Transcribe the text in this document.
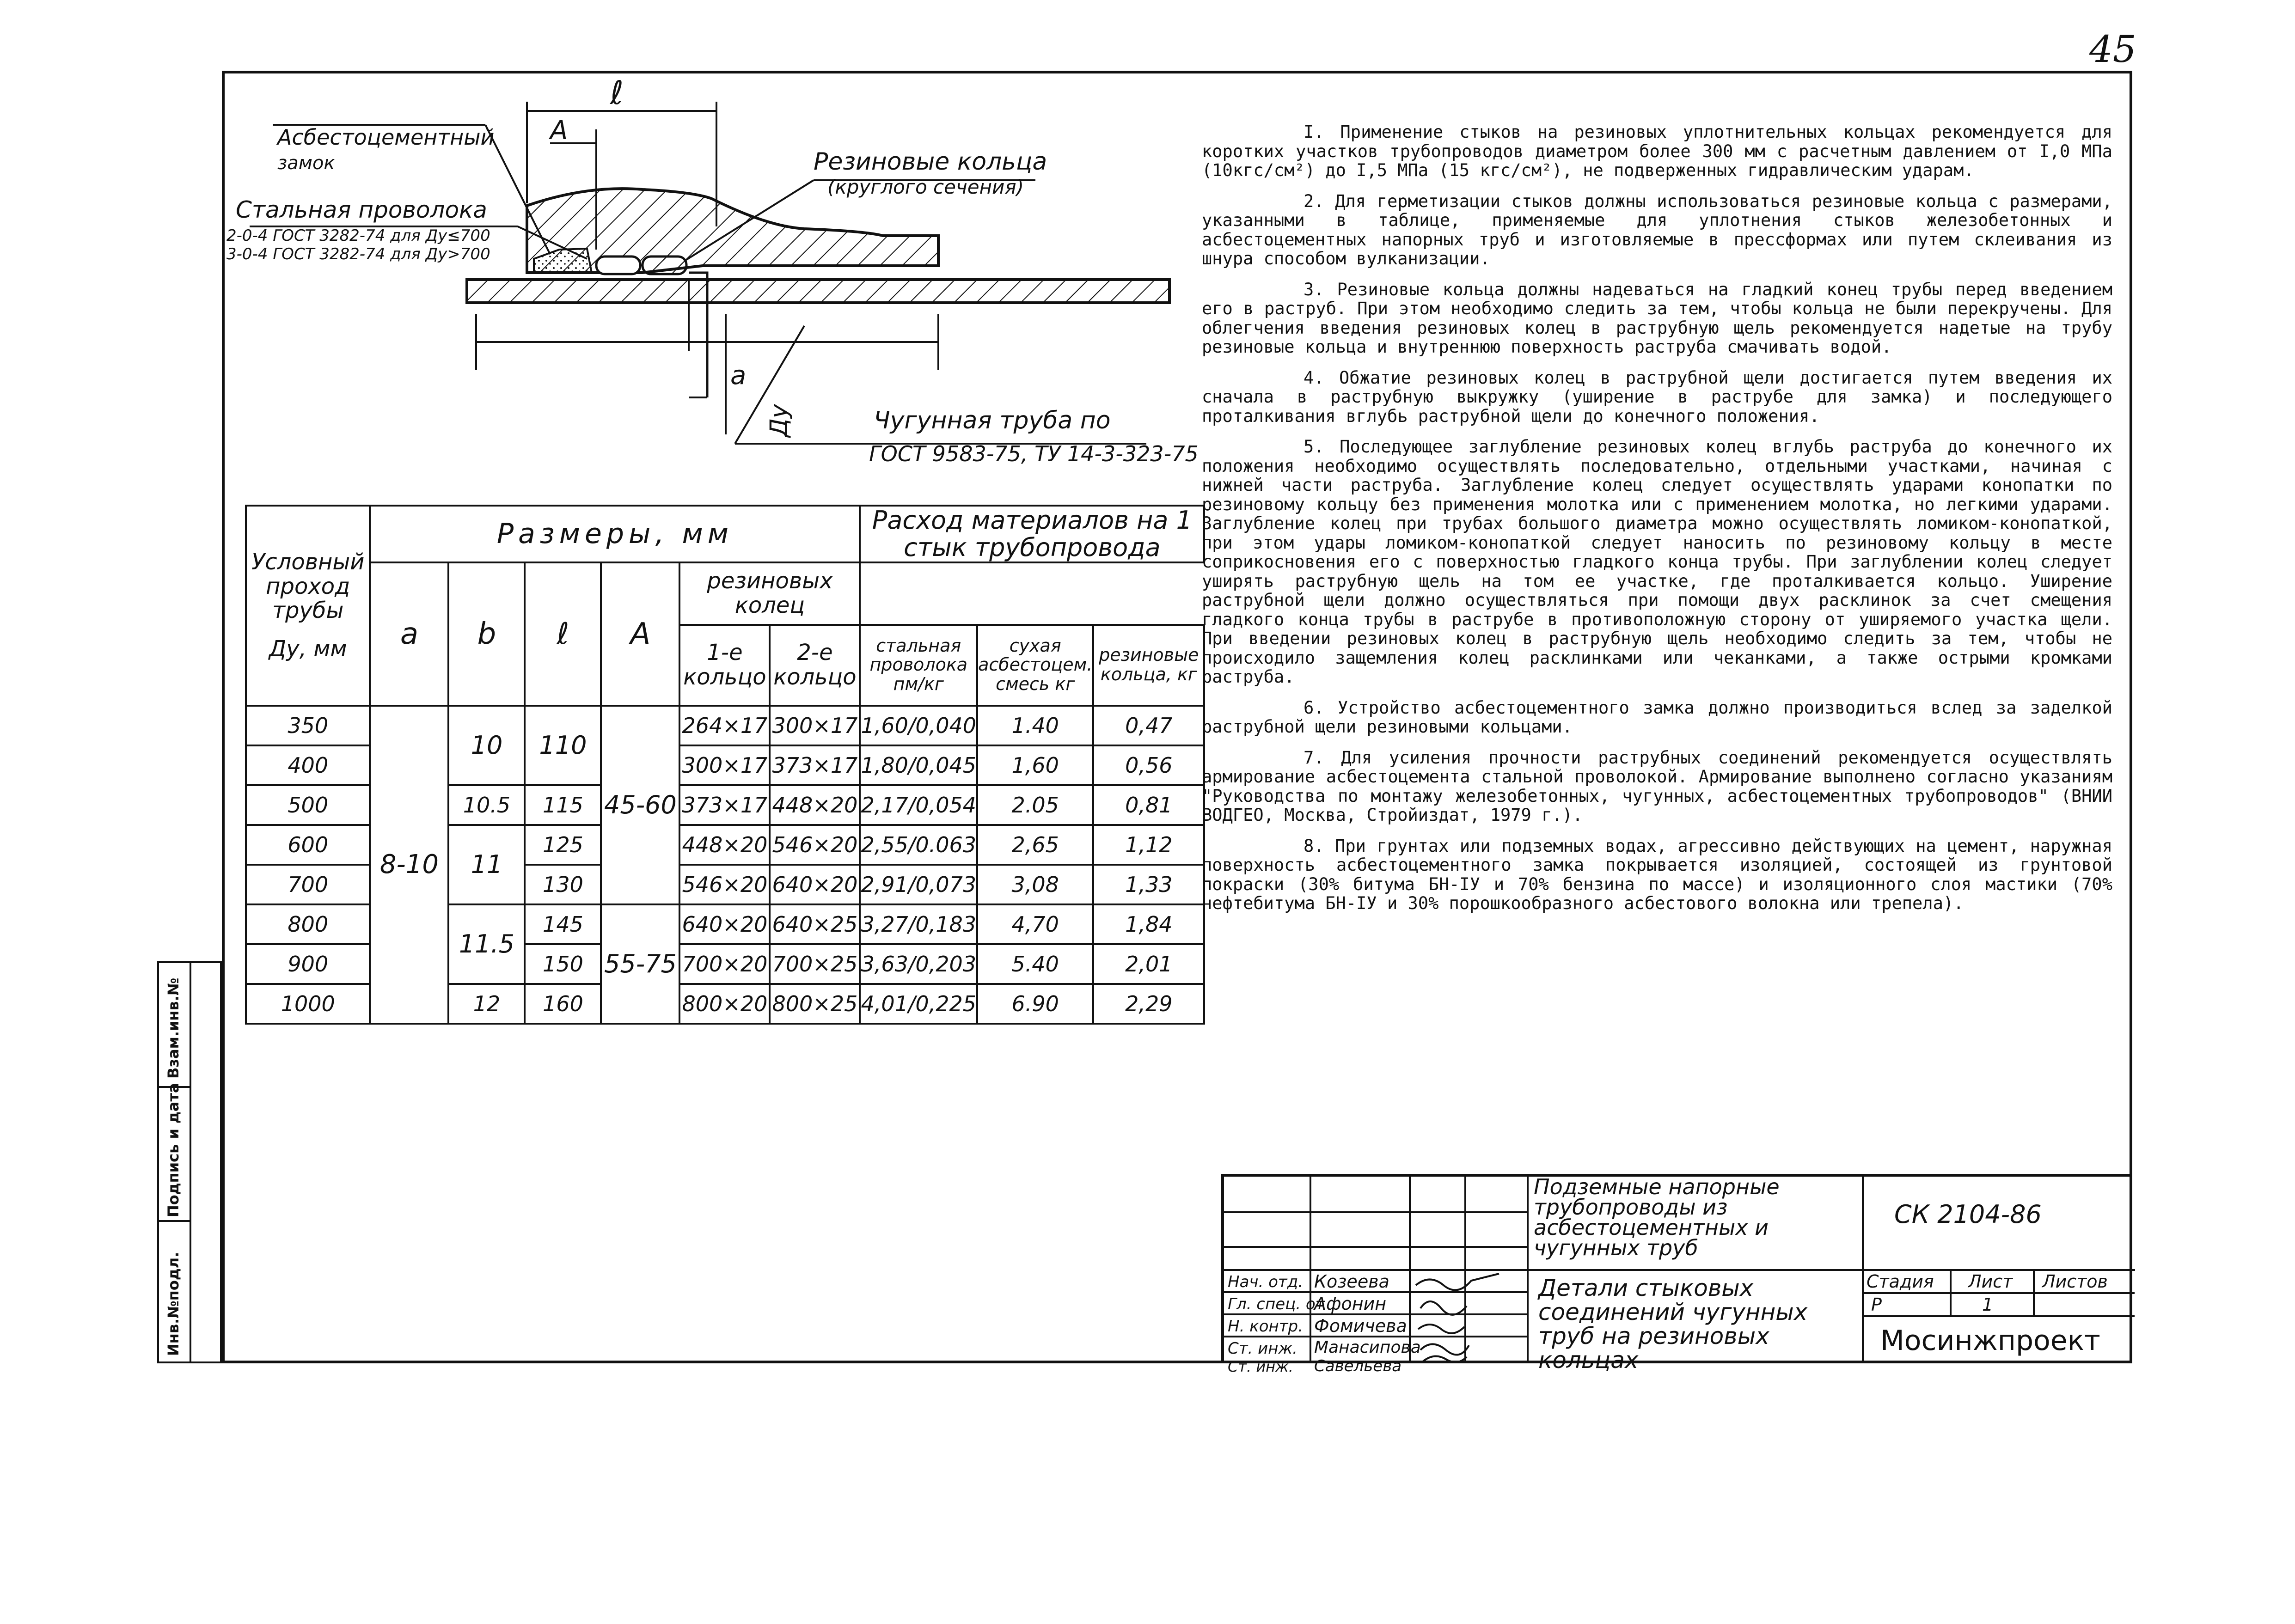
45
Асбестоцементный
замок
Стальная проволока
2-0-4 ГОСТ 3282-74 для Ду≤700
3-0-4 ГОСТ 3282-74 для Ду>700
Резиновые кольца
(круглого сечения)
Чугунная труба по
ГОСТ 9583-75, ТУ 14-3-323-75
ℓ
А
а
Ду
Условный проход трубы
Ду, мм	Размеры, мм						Расход материалов на 1 стык трубопровода		
	a	b	ℓ	A	резиновых колец				
					1-е кольцо	2-е кольцо	стальная проволока пм/кг	сухая асбестоцем. смесь кг	резиновые кольца, кг
350	8-10	10	110	45-60	264×17	300×17	1,60/0,040	1.40	0,47
400					300×17	373×17	1,80/0,045	1,60	0,56
500		10.5	115		373×17	448×20	2,17/0,054	2.05	0,81
600		11	125		448×20	546×20	2,55/0.063	2,65	1,12
700			130		546×20	640×20	2,91/0,073	3,08	1,33
800		11.5	145	55-75	640×20	640×25	3,27/0,183	4,70	1,84
900			150		700×20	700×25	3,63/0,203	5.40	2,01
1000		12	160		800×20	800×25	4,01/0,225	6.90	2,29

I. Применение стыков на резиновых уплотнительных кольцах рекомендуется для коротких участков трубопроводов диаметром более 300 мм с расчетным давлением от I,0 МПа (10кгс/см²) до I,5 МПа (15 кгс/см²), не подверженных гидравлическим ударам.

2. Для герметизации стыков должны использоваться резиновые кольца с размерами, указанными в таблице, применяемые для уплотнения стыков железобетонных и асбестоцементных напорных труб и изготовляемые в прессформах или путем склеивания из шнура способом вулканизации.

3. Резиновые кольца должны надеваться на гладкий конец трубы перед введением его в раструб. При этом необходимо следить за тем, чтобы кольца не были перекручены. Для облегчения введения резиновых колец в раструбную щель рекомендуется надетые на трубу резиновые кольца и внутреннюю поверхность раструба смачивать водой.

4. Обжатие резиновых колец в раструбной щели достигается путем введения их сначала в раструбную выкружку (уширение в раструбе для замка) и последующего проталкивания вглубь раструбной щели до конечного положения.

5. Последующее заглубление резиновых колец вглубь раструба до конечного их положения необходимо осуществлять последовательно, отдельными участками, начиная с нижней части раструба. Заглубление колец следует осуществлять ударами конопатки по резиновому кольцу без применения молотка или с применением молотка, но легкими ударами. Заглубление колец при трубах большого диаметра можно осуществлять ломиком-конопаткой, при этом удары ломиком-конопаткой следует наносить по резиновому кольцу в месте соприкосновения его с поверхностью гладкого конца трубы. При заглублении колец следует уширять раструбную щель на том ее участке, где проталкивается кольцо. Уширение раструбной щели должно осуществляться при помощи двух расклинок за счет смещения гладкого конца трубы в раструбе в противоположную сторону от уширяемого участка щели. При введении резиновых колец в раструбную щель необходимо следить за тем, чтобы не происходило защемления колец расклинками или чеканками, а также острыми кромками раструба.

6. Устройство асбестоцементного замка должно производиться вслед за заделкой раструбной щели резиновыми кольцами.

7. Для усиления прочности раструбных соединений рекомендуется осуществлять армирование асбестоцемента стальной проволокой. Армирование выполнено согласно указаниям "Руководства по монтажу железобетонных, чугунных, асбестоцементных трубопроводов" (ВНИИ ВОДГЕО, Москва, Стройиздат, 1979 г.).

8. При грунтах или подземных водах, агрессивно действующих на цемент, наружная поверхность асбестоцементного замка покрывается изоляцией, состоящей из грунтовой покраски (30% битума БН-IУ и 70% бензина по массе) и изоляционного слоя мастики (70% нефтебитума БН-IУ и 30% порошкообразного асбестового волокна или трепела).

Взам.инв.№
Подпись и дата
Инв.№подл.
Подземные напорные трубопроводы из асбестоцементных и чугунных труб
СК 2104-86
Детали стыковых соединений чугунных труб на резиновых кольцах
Стадия Лист Листов
Р	1
Мосинжпроект
Нач. отд. Козеева
Гл. спец. от
Афонин
Н. контр. Фомичева
Ст. инж. Манасипова
Ст. инж. Савельева
